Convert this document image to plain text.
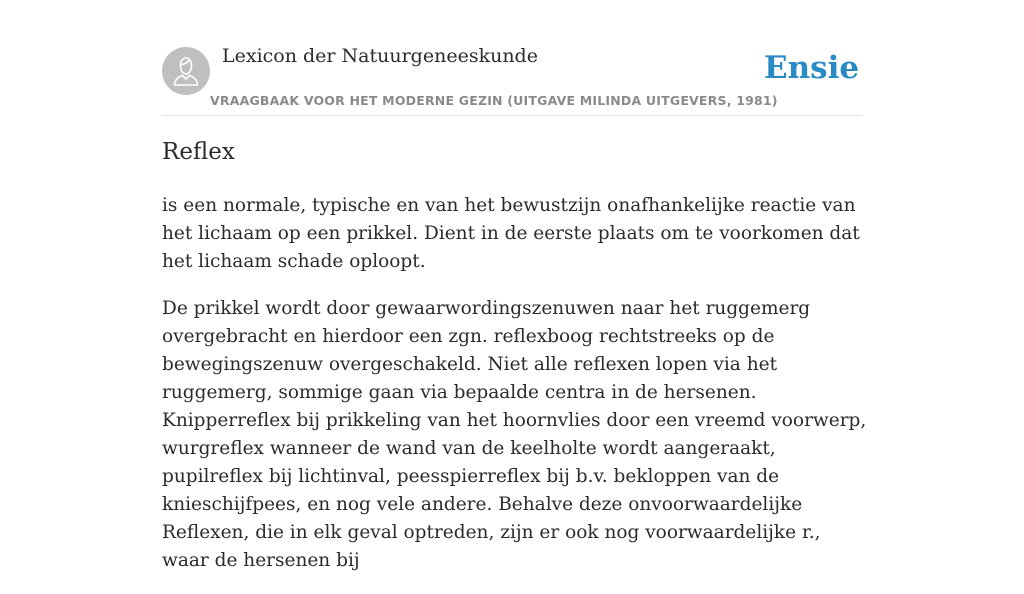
Lexicon der Natuurgeneeskunde
VRAAGBAAK VOOR HET MODERNE GEZIN (UITGAVE MILINDA UITGEVERS, 1981)
Ensie
Reflex

is een normale, typische en van het bewustzijn onafhankelijke reactie van het lichaam op een prikkel. Dient in de eerste plaats om te voorkomen dat het lichaam schade oploopt.

De prikkel wordt door gewaarwordingszenuwen naar het ruggemerg overgebracht en hierdoor een zgn. reflexboog rechtstreeks op de bewegingszenuw overgeschakeld. Niet alle reflexen lopen via het ruggemerg, sommige gaan via bepaalde centra in de hersenen. Knipperreflex bij prikkeling van het hoornvlies door een vreemd voorwerp, wurgreflex wanneer de wand van de keelholte wordt aangeraakt, pupilreflex bij lichtinval, peesspierreflex bij b.v. bekloppen van de knieschijfpees, en nog vele andere. Behalve deze onvoorwaardelijke Reflexen, die in elk geval optreden, zijn er ook nog voorwaardelijke r., waar de hersenen bij
